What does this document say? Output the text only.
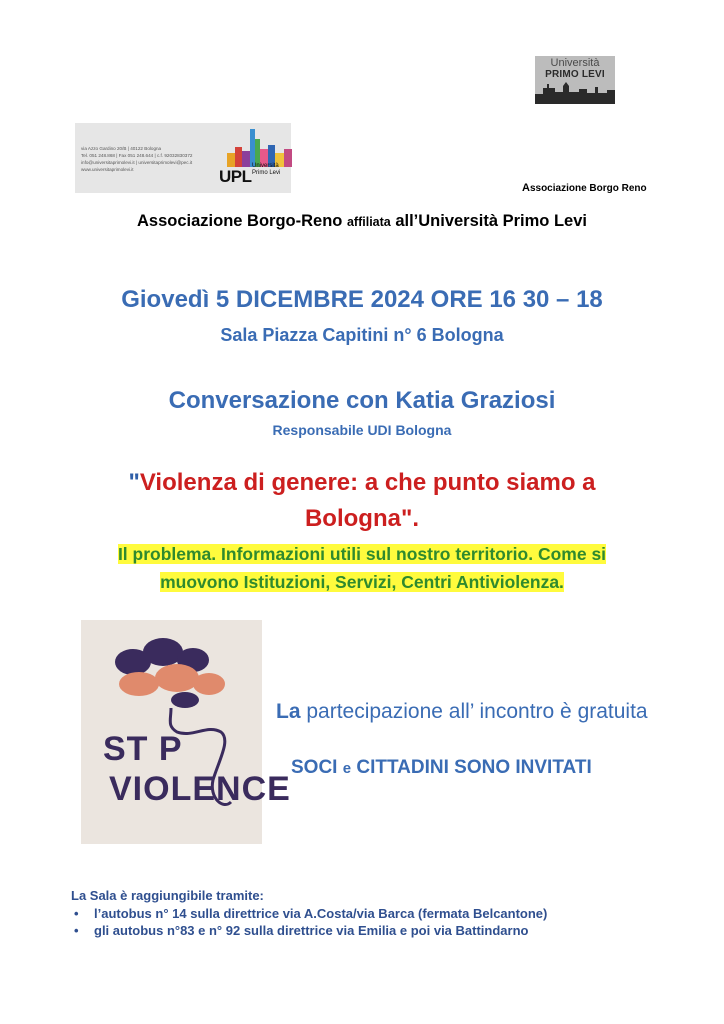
Università
PRIMO LEVI
via Azzo Gardino 20/B | 40122 Bologna
Tel. 051 248.868 | Fax 051 248.644 | c.f. 92032830372
info@universitaprimolevi.it | universitaprimolevi@pec.it
www.universitaprimolevi.it	UPL
Università
Primo Levi
Associazione Borgo Reno
Associazione Borgo-Reno affiliata all’Università Primo Levi
Giovedì 5 DICEMBRE 2024 ORE 16 30 – 18
Sala Piazza Capitini n° 6 Bologna
Conversazione con Katia Graziosi
Responsabile UDI Bologna
"Violenza di genere: a che punto siamo a
Bologna".
Il problema. Informazioni utili sul nostro territorio. Come si
muovono Istituzioni, Servizi, Centri Antiviolenza.
ST P
VIOLENCE
La partecipazione all’ incontro è gratuita
SOCI e CITTADINI SONO INVITATI
La Sala è raggiungibile tramite:
• l’autobus n° 14 sulla direttrice via A.Costa/via Barca (fermata Belcantone)
• gli autobus n°83 e n° 92 sulla direttrice via Emilia e poi via Battindarno
